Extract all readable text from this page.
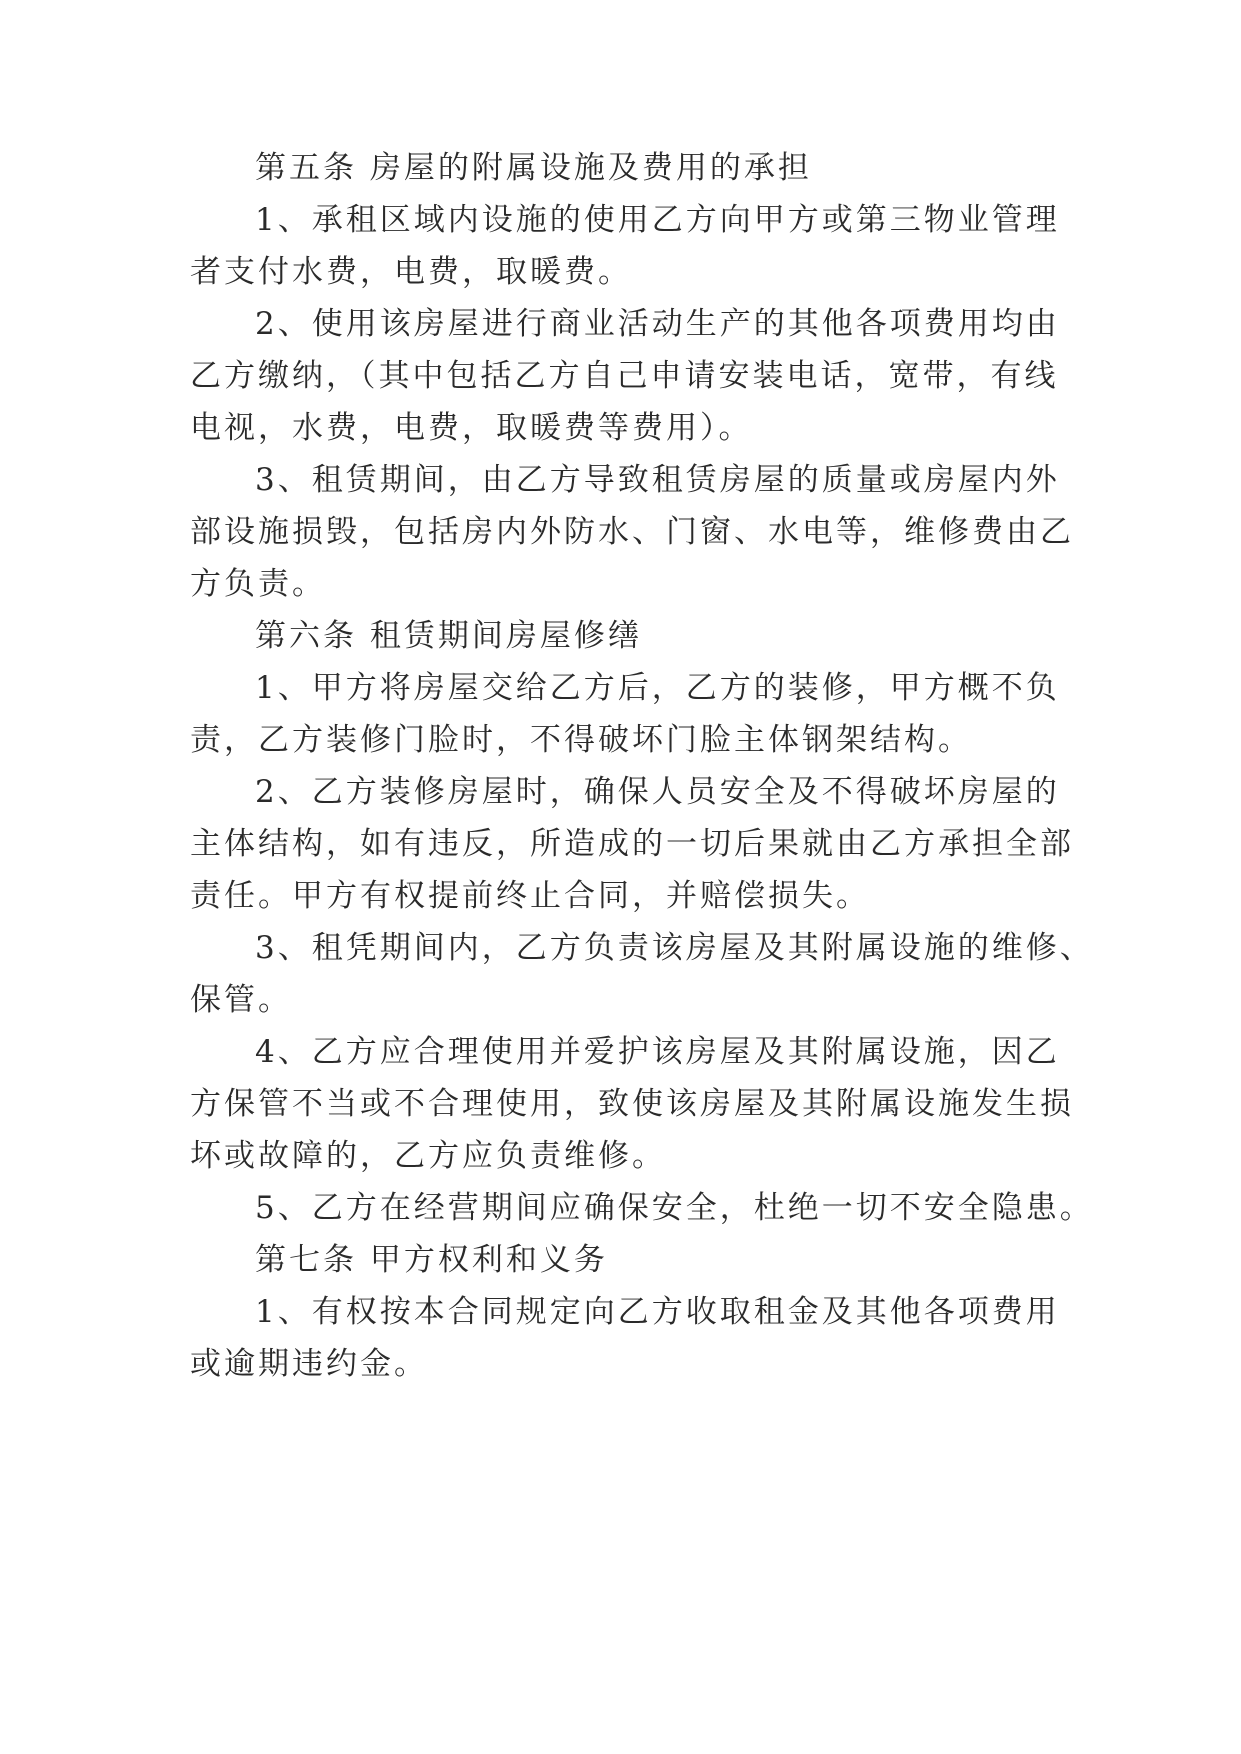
第五条 房屋的附属设施及费用的承担

1、承租区域内设施的使用乙方向甲方或第三物业管理

者支付水费，电费，取暖费。

2、使用该房屋进行商业活动生产的其他各项费用均由

乙方缴纳，（其中包括乙方自己申请安装电话，宽带，有线

电视，水费，电费，取暖费等费用）。

3、租赁期间，由乙方导致租赁房屋的质量或房屋内外

部设施损毁，包括房内外防水、门窗、水电等，维修费由乙

方负责。

第六条 租赁期间房屋修缮

1、甲方将房屋交给乙方后，乙方的装修，甲方概不负

责，乙方装修门脸时，不得破坏门脸主体钢架结构。

2、乙方装修房屋时，确保人员安全及不得破坏房屋的

主体结构，如有违反，所造成的一切后果就由乙方承担全部

责任。甲方有权提前终止合同，并赔偿损失。

3、租凭期间内，乙方负责该房屋及其附属设施的维修、

保管。

4、乙方应合理使用并爱护该房屋及其附属设施，因乙

方保管不当或不合理使用，致使该房屋及其附属设施发生损

坏或故障的，乙方应负责维修。

5、乙方在经营期间应确保安全，杜绝一切不安全隐患。

第七条 甲方权利和义务

1、有权按本合同规定向乙方收取租金及其他各项费用

或逾期违约金。
